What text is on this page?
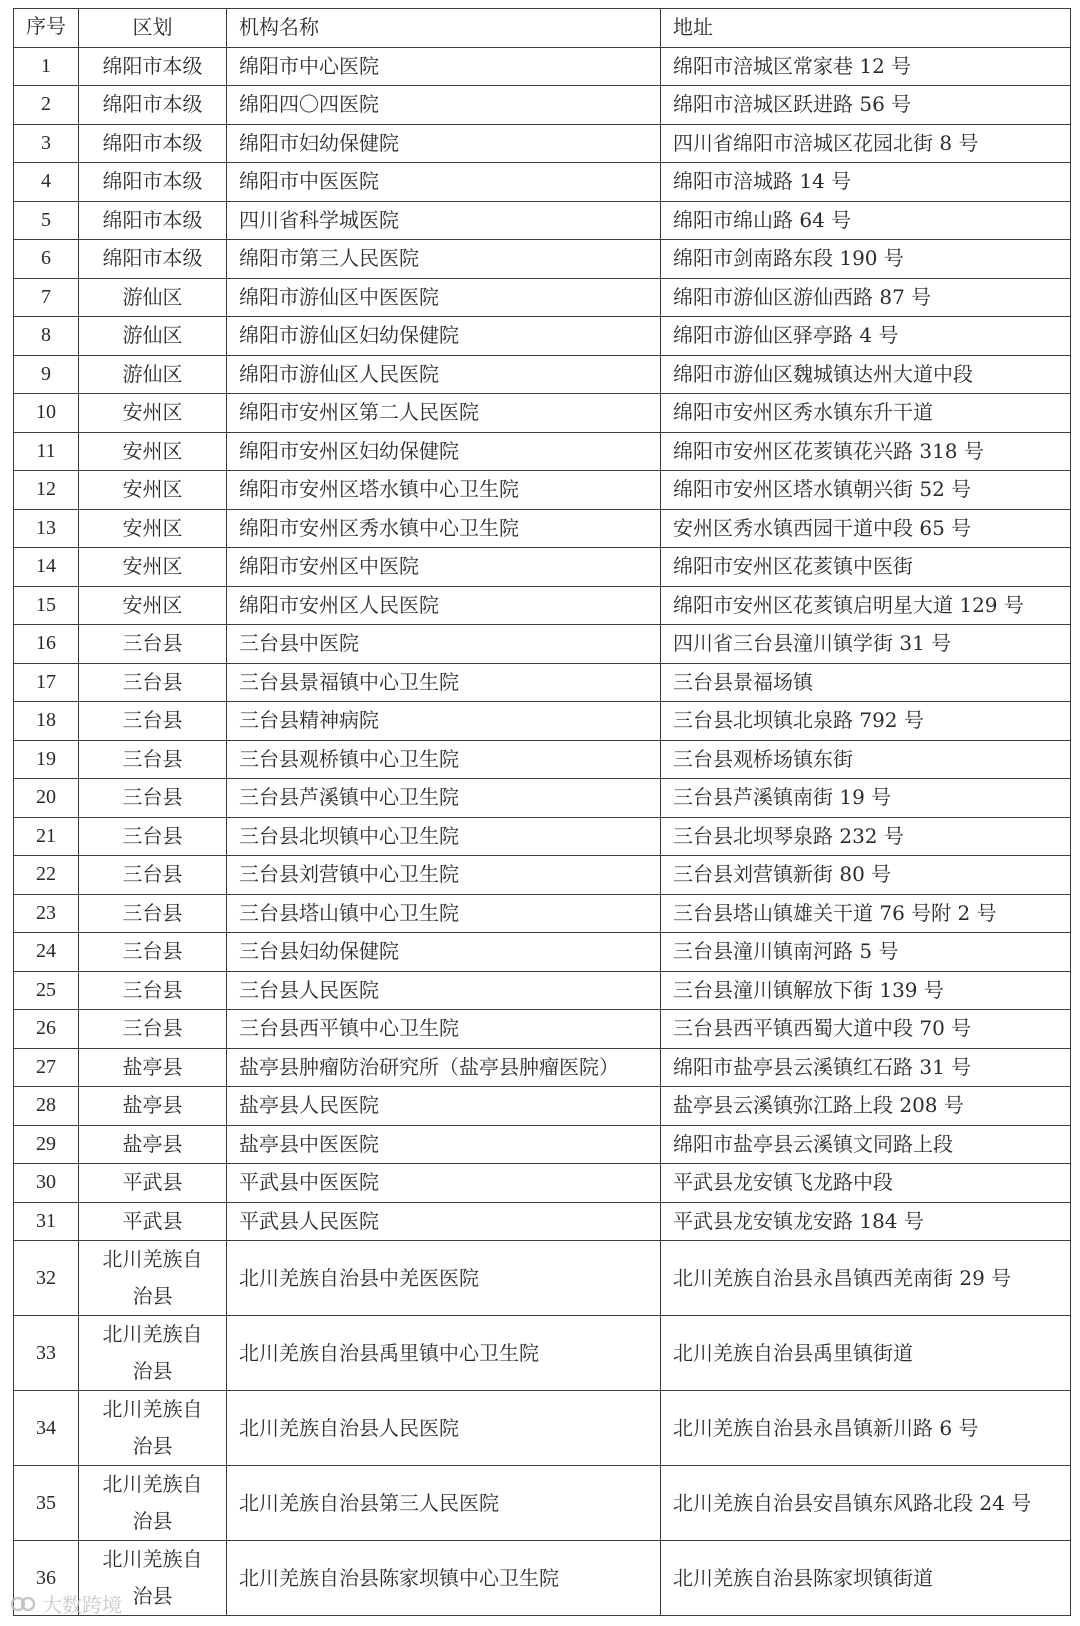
序号	区划	机构名称	地址
1	绵阳市本级	绵阳市中心医院	绵阳市涪城区常家巷 12 号
2	绵阳市本级	绵阳四〇四医院	绵阳市涪城区跃进路 56 号
3	绵阳市本级	绵阳市妇幼保健院	四川省绵阳市涪城区花园北街 8 号
4	绵阳市本级	绵阳市中医医院	绵阳市涪城路 14 号
5	绵阳市本级	四川省科学城医院	绵阳市绵山路 64 号
6	绵阳市本级	绵阳市第三人民医院	绵阳市剑南路东段 190 号
7	游仙区	绵阳市游仙区中医医院	绵阳市游仙区游仙西路 87 号
8	游仙区	绵阳市游仙区妇幼保健院	绵阳市游仙区驿亭路 4 号
9	游仙区	绵阳市游仙区人民医院	绵阳市游仙区魏城镇达州大道中段
10	安州区	绵阳市安州区第二人民医院	绵阳市安州区秀水镇东升干道
11	安州区	绵阳市安州区妇幼保健院	绵阳市安州区花荄镇花兴路 318 号
12	安州区	绵阳市安州区塔水镇中心卫生院	绵阳市安州区塔水镇朝兴街 52 号
13	安州区	绵阳市安州区秀水镇中心卫生院	安州区秀水镇西园干道中段 65 号
14	安州区	绵阳市安州区中医院	绵阳市安州区花荄镇中医街
15	安州区	绵阳市安州区人民医院	绵阳市安州区花荄镇启明星大道 129 号
16	三台县	三台县中医院	四川省三台县潼川镇学街 31 号
17	三台县	三台县景福镇中心卫生院	三台县景福场镇
18	三台县	三台县精神病院	三台县北坝镇北泉路 792 号
19	三台县	三台县观桥镇中心卫生院	三台县观桥场镇东街
20	三台县	三台县芦溪镇中心卫生院	三台县芦溪镇南街 19 号
21	三台县	三台县北坝镇中心卫生院	三台县北坝琴泉路 232 号
22	三台县	三台县刘营镇中心卫生院	三台县刘营镇新街 80 号
23	三台县	三台县塔山镇中心卫生院	三台县塔山镇雄关干道 76 号附 2 号
24	三台县	三台县妇幼保健院	三台县潼川镇南河路 5 号
25	三台县	三台县人民医院	三台县潼川镇解放下街 139 号
26	三台县	三台县西平镇中心卫生院	三台县西平镇西蜀大道中段 70 号
27	盐亭县	盐亭县肿瘤防治研究所（盐亭县肿瘤医院）	绵阳市盐亭县云溪镇红石路 31 号
28	盐亭县	盐亭县人民医院	盐亭县云溪镇弥江路上段 208 号
29	盐亭县	盐亭县中医医院	绵阳市盐亭县云溪镇文同路上段
30	平武县	平武县中医医院	平武县龙安镇飞龙路中段
31	平武县	平武县人民医院	平武县龙安镇龙安路 184 号
32	北川羌族自治县	北川羌族自治县中羌医医院	北川羌族自治县永昌镇西羌南街 29 号
33	北川羌族自治县	北川羌族自治县禹里镇中心卫生院	北川羌族自治县禹里镇街道
34	北川羌族自治县	北川羌族自治县人民医院	北川羌族自治县永昌镇新川路 6 号
35	北川羌族自治县	北川羌族自治县第三人民医院	北川羌族自治县安昌镇东风路北段 24 号
36	北川羌族自治县	北川羌族自治县陈家坝镇中心卫生院	北川羌族自治县陈家坝镇街道
大数跨境
